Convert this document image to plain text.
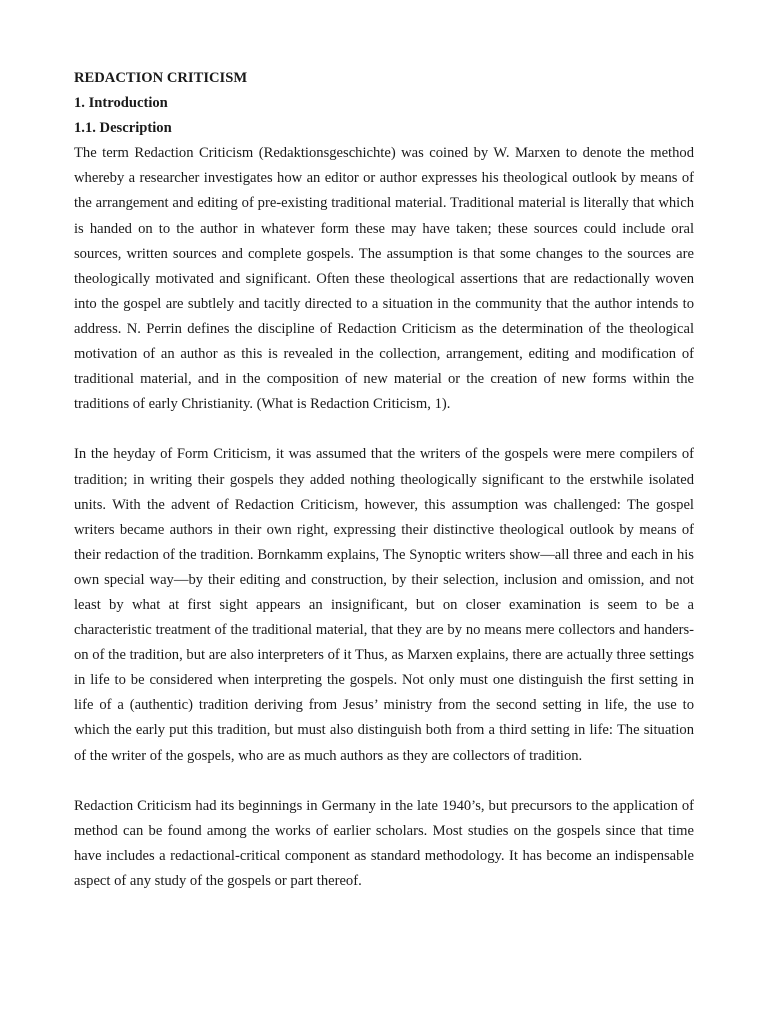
REDACTION CRITICISM
1. Introduction
1.1. Description

The term Redaction Criticism (Redaktionsgeschichte) was coined by W. Marxen to denote the method whereby a researcher investigates how an editor or author expresses his theological outlook by means of the arrangement and editing of pre-existing traditional material. Traditional material is literally that which is handed on to the author in whatever form these may have taken; these sources could include oral sources, written sources and complete gospels. The assumption is that some changes to the sources are theologically motivated and significant. Often these theological assertions that are redactionally woven into the gospel are subtlely and tacitly directed to a situation in the community that the author intends to address. N. Perrin defines the discipline of Redaction Criticism as the determination of the theological motivation of an author as this is revealed in the collection, arrangement, editing and modification of traditional material, and in the composition of new material or the creation of new forms within the traditions of early Christianity. (What is Redaction Criticism, 1).

In the heyday of Form Criticism, it was assumed that the writers of the gospels were mere compilers of tradition; in writing their gospels they added nothing theologically significant to the erstwhile isolated units. With the advent of Redaction Criticism, however, this assumption was challenged: The gospel writers became authors in their own right, expressing their distinctive theological outlook by means of their redaction of the tradition. Bornkamm explains, The Synoptic writers show—all three and each in his own special way—by their editing and construction, by their selection, inclusion and omission, and not least by what at first sight appears an insignificant, but on closer examination is seem to be a characteristic treatment of the traditional material, that they are by no means mere collectors and handers-on of the tradition, but are also interpreters of it Thus, as Marxen explains, there are actually three settings in life to be considered when interpreting the gospels. Not only must one distinguish the first setting in life of a (authentic) tradition deriving from Jesus’ ministry from the second setting in life, the use to which the early put this tradition, but must also distinguish both from a third setting in life: The situation of the writer of the gospels, who are as much authors as they are collectors of tradition.

Redaction Criticism had its beginnings in Germany in the late 1940’s, but precursors to the application of method can be found among the works of earlier scholars. Most studies on the gospels since that time have includes a redactional-critical component as standard methodology. It has become an indispensable aspect of any study of the gospels or part thereof.
